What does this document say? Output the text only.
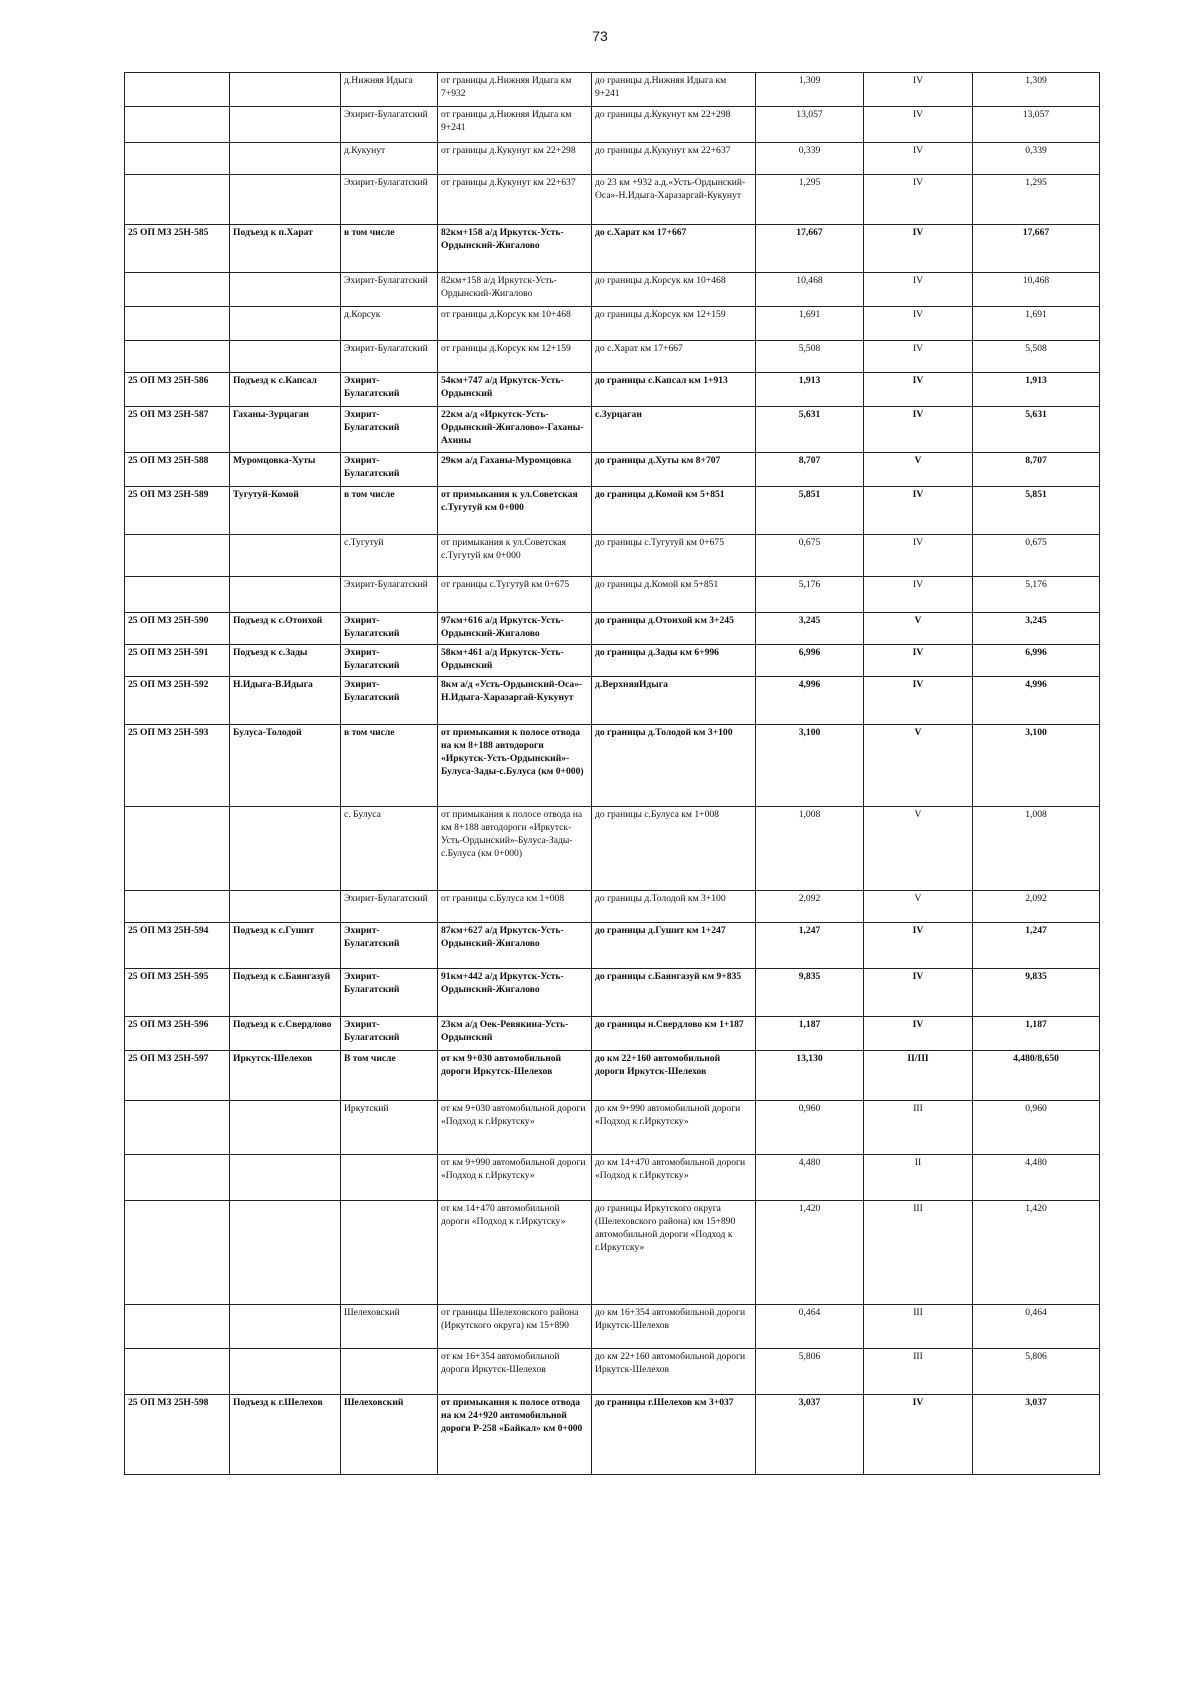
73
		д.Нижняя Идыга	от границы д.Нижняя Идыга км 7+932	до границы д.Нижняя Идыга км 9+241	1,309	IV	1,309
		Эхирит-Булагатский	от границы д.Нижняя Идыга км 9+241	до границы д.Кукунут км 22+298	13,057	IV	13,057
		д.Кукунут	от границы д.Кукунут км 22+298	до границы д.Кукунут км 22+637	0,339	IV	0,339
		Эхирит-Булагатский	от границы д.Кукунут км 22+637	до 23 км +932 а.д.«Усть-Ордынский-Оса»-Н.Идыга-Харазаргай-Кукунут	1,295	IV	1,295
25 ОП МЗ 25Н-585	Подъезд к п.Харат	в том числе	82км+158 а/д Иркутск-Усть-Ордынский-Жигалово	до с.Харат км 17+667	17,667	IV	17,667
		Эхирит-Булагатский	82км+158 а/д Иркутск-Усть-Ордынский-Жигалово	до границы д.Корсук км 10+468	10,468	IV	10,468
		д.Корсук	от границы д.Корсук км 10+468	до границы д.Корсук км 12+159	1,691	IV	1,691
		Эхирит-Булагатский	от границы д.Корсук км 12+159	до с.Харат км 17+667	5,508	IV	5,508
25 ОП МЗ 25Н-586	Подъезд к с.Капсал	Эхирит-Булагатский	54км+747 а/д Иркутск-Усть-Ордынский	до границы с.Капсал км 1+913	1,913	IV	1,913
25 ОП МЗ 25Н-587	Гаханы-Зурцаган	Эхирит-Булагатский	22км а/д «Иркутск-Усть-Ордынский-Жигалово»-Гаханы-Ахины	с.Зурцаган	5,631	IV	5,631
25 ОП МЗ 25Н-588	Муромцовка-Хуты	Эхирит-Булагатский	29км а/д Гаханы-Муромцовка	до границы д.Хуты км 8+707	8,707	V	8,707
25 ОП МЗ 25Н-589	Тугутуй-Комой	в том числе	от примыкания к ул.Советская с.Тугутуй км 0+000	до границы д.Комой км 5+851	5,851	IV	5,851
		с.Тугутуй	от примыкания к ул.Советская с.Тугутуй км 0+000	до границы с.Тугутуй км 0+675	0,675	IV	0,675
		Эхирит-Булагатский	от границы с.Тугутуй км 0+675	до границы д.Комой км 5+851	5,176	IV	5,176
25 ОП МЗ 25Н-590	Подъезд к с.Отонхой	Эхирит-Булагатский	97км+616 а/д Иркутск-Усть-Ордынский-Жигалово	до границы д.Отонхой км 3+245	3,245	V	3,245
25 ОП МЗ 25Н-591	Подъезд к с.Зады	Эхирит-Булагатский	58км+461 а/д Иркутск-Усть-Ордынский	до границы д.Зады км 6+996	6,996	IV	6,996
25 ОП МЗ 25Н-592	Н.Идыга-В.Идыга	Эхирит-Булагатский	8км а/д «Усть-Ордынский-Оса»-Н.Идыга-Харазаргай-Кукунут	д.ВерхняяИдыга	4,996	IV	4,996
25 ОП МЗ 25Н-593	Булуса-Толодой	в том числе	от примыкания к полосе отвода на км 8+188 автодороги «Иркутск-Усть-Ордынский»-Булуса-Зады-с.Булуса (км 0+000)	до границы д.Толодой км 3+100	3,100	V	3,100
		с. Булуса	от примыкания к полосе отвода на км 8+188 автодороги «Иркутск-Усть-Ордынский»-Булуса-Зады-с.Булуса (км 0+000)	до границы с.Булуса км 1+008	1,008	V	1,008
		Эхирит-Булагатский	от границы с.Булуса км 1+008	до границы д.Толодой км 3+100	2,092	V	2,092
25 ОП МЗ 25Н-594	Подъезд к с.Гушит	Эхирит-Булагатский	87км+627 а/д Иркутск-Усть-Ордынский-Жигалово	до границы д.Гушит км 1+247	1,247	IV	1,247
25 ОП МЗ 25Н-595	Подъезд к с.Баянгазуй	Эхирит-Булагатский	91км+442 а/д Иркутск-Усть-Ордынский-Жигалово	до границы с.Баянгазуй км 9+835	9,835	IV	9,835
25 ОП МЗ 25Н-596	Подъезд к с.Свердлово	Эхирит-Булагатский	23км а/д Оек-Ревякина-Усть-Ордынский	до границы н.Свердлово км 1+187	1,187	IV	1,187
25 ОП МЗ 25Н-597	Иркутск-Шелехов	В том числе	от км 9+030 автомобильной дороги Иркутск-Шелехов	до км 22+160 автомобильной дороги Иркутск-Шелехов	13,130	II/III	4,480/8,650
		Иркутский	от км 9+030 автомобильной дороги «Подход к г.Иркутску»	до км 9+990 автомобильной дороги «Подход к г.Иркутску»	0,960	III	0,960
			от км 9+990 автомобильной дороги «Подход к г.Иркутску»	до км 14+470 автомобильной дороги «Подход к г.Иркутску»	4,480	II	4,480
			от км 14+470 автомобильной дороги «Подход к г.Иркутску»	до границы Иркутского округа (Шелеховского района) км 15+890 автомобильной дороги «Подход к г.Иркутску»	1,420	III	1,420
		Шелеховский	от границы Шелеховского района (Иркутского округа) км 15+890	до км 16+354 автомобильной дороги Иркутск-Шелехов	0,464	III	0,464
			от км 16+354 автомобильной дороги Иркутск-Шелехов	до км 22+160 автомобильной дороги Иркутск-Шелехов	5,806	III	5,806
25 ОП МЗ 25Н-598	Подъезд к г.Шелехов	Шелеховский	от примыкания к полосе отвода на км 24+920 автомобильной дороги Р-258 «Байкал» км 0+000	до границы г.Шелехов км 3+037	3,037	IV	3,037
